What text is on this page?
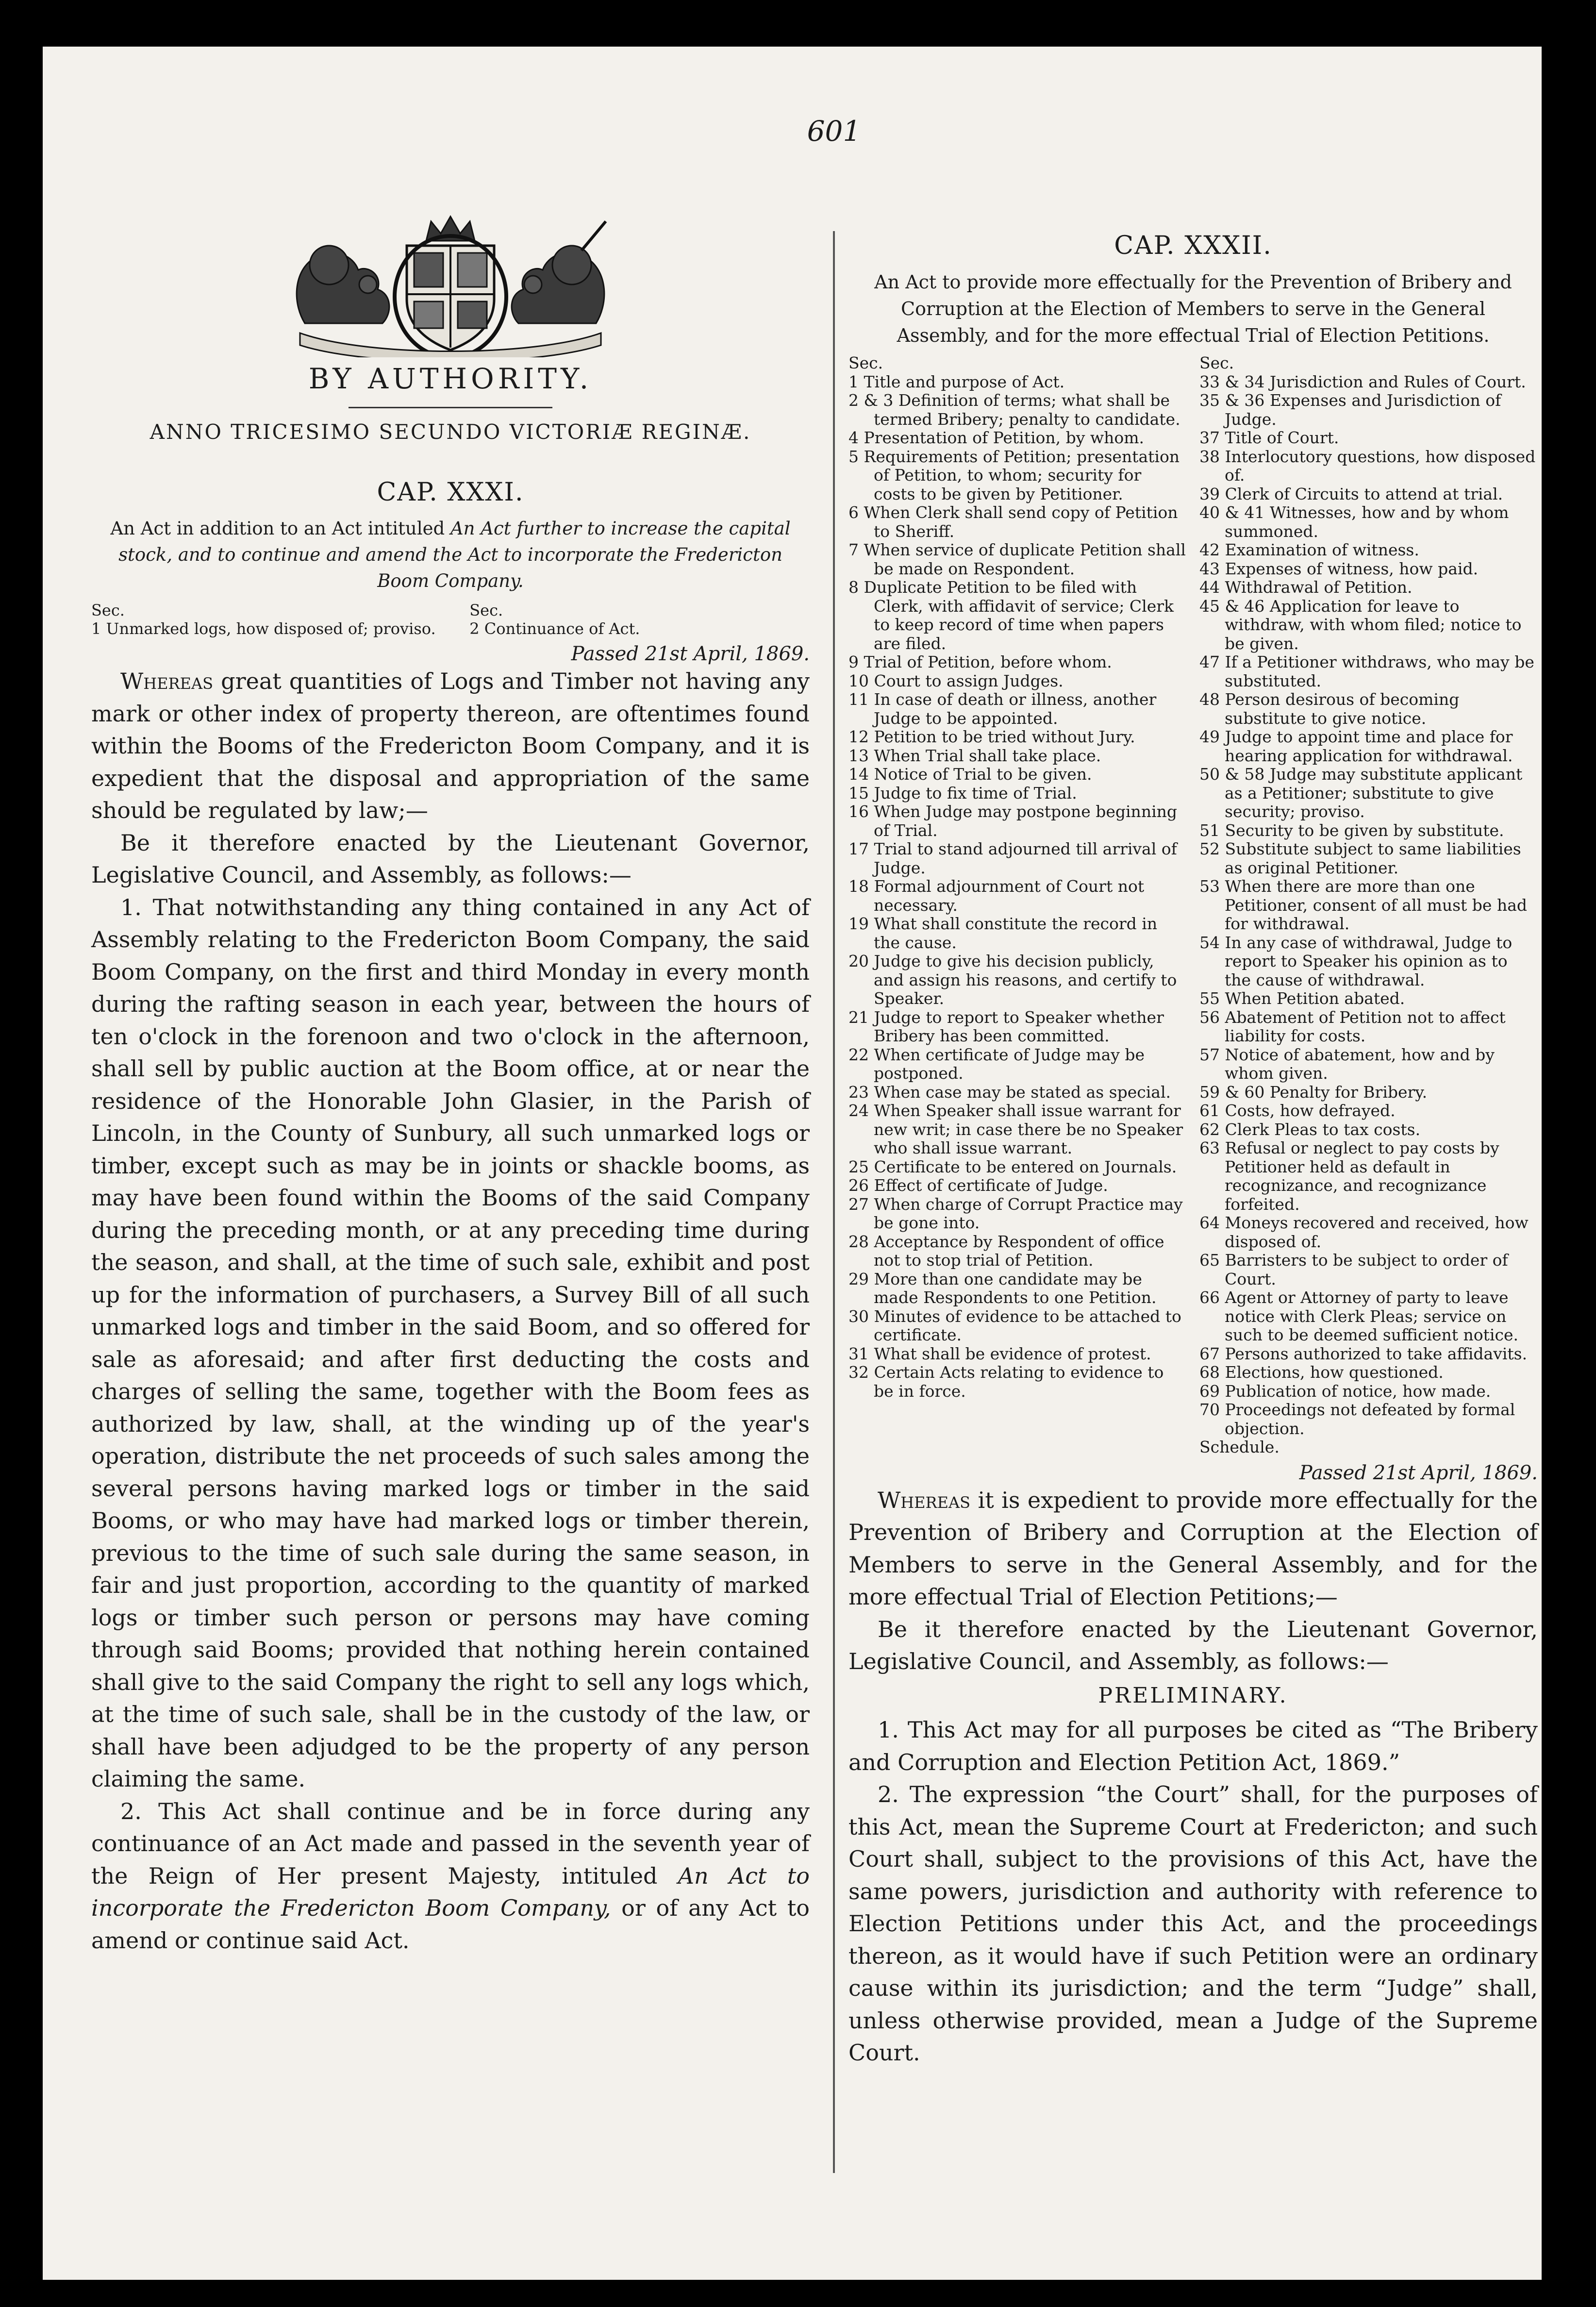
601
BY AUTHORITY.
ANNO TRICESIMO SECUNDO VICTORIÆ REGINÆ.
CAP. XXXI.
An Act in addition to an Act intituled An Act further to increase the capital stock, and to continue and amend the Act to incorporate the Fredericton Boom Company.
Sec.
1 Unmarked logs, how disposed of; proviso.
Sec.
2 Continuance of Act.
Passed 21st April, 1869.

Whereas great quantities of Logs and Timber not having any mark or other index of property thereon, are oftentimes found within the Booms of the Fredericton Boom Company, and it is expedient that the disposal and appropriation of the same should be regulated by law;—

Be it therefore enacted by the Lieutenant Governor, Legislative Council, and Assembly, as follows:—

1. That notwithstanding any thing contained in any Act of Assembly relating to the Fredericton Boom Company, the said Boom Company, on the first and third Monday in every month during the rafting season in each year, between the hours of ten o'clock in the forenoon and two o'clock in the afternoon, shall sell by public auction at the Boom office, at or near the residence of the Honorable John Glasier, in the Parish of Lincoln, in the County of Sunbury, all such unmarked logs or timber, except such as may be in joints or shackle booms, as may have been found within the Booms of the said Company during the preceding month, or at any preceding time during the season, and shall, at the time of such sale, exhibit and post up for the information of purchasers, a Survey Bill of all such unmarked logs and timber in the said Boom, and so offered for sale as aforesaid; and after first deducting the costs and charges of selling the same, together with the Boom fees as authorized by law, shall, at the winding up of the year's operation, distribute the net proceeds of such sales among the several persons having marked logs or timber in the said Booms, or who may have had marked logs or timber therein, previous to the time of such sale during the same season, in fair and just proportion, according to the quantity of marked logs or timber such person or persons may have coming through said Booms; provided that nothing herein contained shall give to the said Company the right to sell any logs which, at the time of such sale, shall be in the custody of the law, or shall have been adjudged to be the property of any person claiming the same.

2. This Act shall continue and be in force during any continuance of an Act made and passed in the seventh year of the Reign of Her present Majesty, intituled An Act to incorporate the Fredericton Boom Company, or of any Act to amend or continue said Act.

CAP. XXXII.
An Act to provide more effectually for the Prevention of Bribery and Corruption at the Election of Members to serve in the General Assembly, and for the more effectual Trial of Election Petitions.
Sec.
1 Title and purpose of Act.
2 & 3 Definition of terms; what shall be termed Bribery; penalty to candidate.
4 Presentation of Petition, by whom.
5 Requirements of Petition; presentation of Petition, to whom; security for costs to be given by Petitioner.
6 When Clerk shall send copy of Petition to Sheriff.
7 When service of duplicate Petition shall be made on Respondent.
8 Duplicate Petition to be filed with Clerk, with affidavit of service; Clerk to keep record of time when papers are filed.
9 Trial of Petition, before whom.
10 Court to assign Judges.
11 In case of death or illness, another Judge to be appointed.
12 Petition to be tried without Jury.
13 When Trial shall take place.
14 Notice of Trial to be given.
15 Judge to fix time of Trial.
16 When Judge may postpone beginning of Trial.
17 Trial to stand adjourned till arrival of Judge.
18 Formal adjournment of Court not necessary.
19 What shall constitute the record in the cause.
20 Judge to give his decision publicly, and assign his reasons, and certify to Speaker.
21 Judge to report to Speaker whether Bribery has been committed.
22 When certificate of Judge may be postponed.
23 When case may be stated as special.
24 When Speaker shall issue warrant for new writ; in case there be no Speaker who shall issue warrant.
25 Certificate to be entered on Journals.
26 Effect of certificate of Judge.
27 When charge of Corrupt Practice may be gone into.
28 Acceptance by Respondent of office not to stop trial of Petition.
29 More than one candidate may be made Respondents to one Petition.
30 Minutes of evidence to be attached to certificate.
31 What shall be evidence of protest.
32 Certain Acts relating to evidence to be in force.
Sec.
33 & 34 Jurisdiction and Rules of Court.
35 & 36 Expenses and Jurisdiction of Judge.
37 Title of Court.
38 Interlocutory questions, how disposed of.
39 Clerk of Circuits to attend at trial.
40 & 41 Witnesses, how and by whom summoned.
42 Examination of witness.
43 Expenses of witness, how paid.
44 Withdrawal of Petition.
45 & 46 Application for leave to withdraw, with whom filed; notice to be given.
47 If a Petitioner withdraws, who may be substituted.
48 Person desirous of becoming substitute to give notice.
49 Judge to appoint time and place for hearing application for withdrawal.
50 & 58 Judge may substitute applicant as a Petitioner; substitute to give security; proviso.
51 Security to be given by substitute.
52 Substitute subject to same liabilities as original Petitioner.
53 When there are more than one Petitioner, consent of all must be had for withdrawal.
54 In any case of withdrawal, Judge to report to Speaker his opinion as to the cause of withdrawal.
55 When Petition abated.
56 Abatement of Petition not to affect liability for costs.
57 Notice of abatement, how and by whom given.
59 & 60 Penalty for Bribery.
61 Costs, how defrayed.
62 Clerk Pleas to tax costs.
63 Refusal or neglect to pay costs by Petitioner held as default in recognizance, and recognizance forfeited.
64 Moneys recovered and received, how disposed of.
65 Barristers to be subject to order of Court.
66 Agent or Attorney of party to leave notice with Clerk Pleas; service on such to be deemed sufficient notice.
67 Persons authorized to take affidavits.
68 Elections, how questioned.
69 Publication of notice, how made.
70 Proceedings not defeated by formal objection.
Schedule.
Passed 21st April, 1869.

Whereas it is expedient to provide more effectually for the Prevention of Bribery and Corruption at the Election of Members to serve in the General Assembly, and for the more effectual Trial of Election Petitions;—

Be it therefore enacted by the Lieutenant Governor, Legislative Council, and Assembly, as follows:—

PRELIMINARY.

1. This Act may for all purposes be cited as “The Bribery and Corruption and Election Petition Act, 1869.”

2. The expression “the Court” shall, for the purposes of this Act, mean the Supreme Court at Fredericton; and such Court shall, subject to the provisions of this Act, have the same powers, jurisdiction and authority with reference to Election Petitions under this Act, and the proceedings thereon, as it would have if such Petition were an ordinary cause within its jurisdiction; and the term “Judge” shall, unless otherwise provided, mean a Judge of the Supreme Court.
